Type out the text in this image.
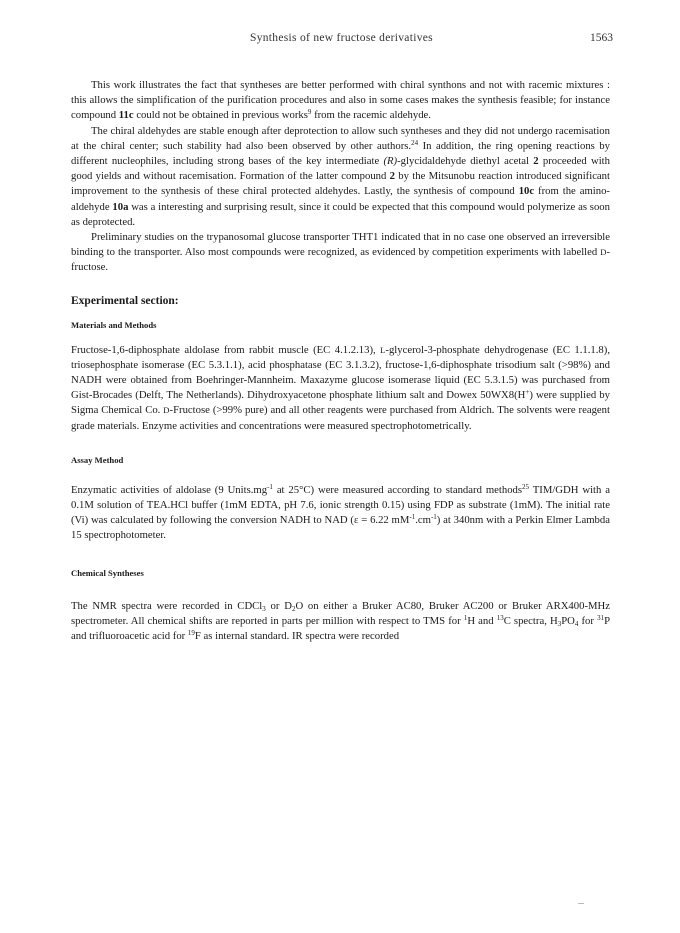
Synthesis of new fructose derivatives	1563

This work illustrates the fact that syntheses are better performed with chiral synthons and not with racemic mixtures : this allows the simplification of the purification procedures and also in some cases makes the synthesis feasible; for instance compound 11c could not be obtained in previous works$^9$ from the racemic aldehyde.

The chiral aldehydes are stable enough after deprotection to allow such syntheses and they did not undergo racemisation at the chiral center; such stability had also been observed by other authors.$^{24}$ In addition, the ring opening reactions by different nucleophiles, including strong bases of the key intermediate (R)-glycidaldehyde diethyl acetal 2 proceeded with good yields and without racemisation. Formation of the latter compound 2 by the Mitsunobu reaction introduced significant improvement to the synthesis of these chiral protected aldehydes. Lastly, the synthesis of compound 10c from the amino-aldehyde 10a was a interesting and surprising result, since it could be expected that this compound would polymerize as soon as deprotected.

Preliminary studies on the trypanosomal glucose transporter THT1 indicated that in no case one observed an irreversible binding to the transporter. Also most compounds were recognized, as evidenced by competition experiments with labelled D-fructose.

Experimental section:
Materials and Methods

Fructose-1,6-diphosphate aldolase from rabbit muscle (EC 4.1.2.13), L-glycerol-3-phosphate dehydrogenase (EC 1.1.1.8), triosephosphate isomerase (EC 5.3.1.1), acid phosphatase (EC 3.1.3.2), fructose-1,6-diphosphate trisodium salt (>98%) and NADH were obtained from Boehringer-Mannheim. Maxazyme glucose isomerase liquid (EC 5.3.1.5) was purchased from Gist-Brocades (Delft, The Netherlands). Dihydroxyacetone phosphate lithium salt and Dowex 50WX8(H+) were supplied by Sigma Chemical Co. D-Fructose (>99% pure) and all other reagents were purchased from Aldrich. The solvents were reagent grade materials. Enzyme activities and concentrations were measured spectrophotometrically.

Assay Method

Enzymatic activities of aldolase (9 $Units.mg^{-1}$ at 25°C) were measured according to standard methods$^{25}$ TIM/GDH with a 0.1M solution of TEA.HCl buffer (1mM EDTA, pH 7.6, ionic strength 0.15) using FDP as substrate (1mM). The initial rate (Vi) was calculated by following the conversion NADH to NAD (ε = 6.22 $mM^{-1}.cm^{-1}$) at 340nm with a Perkin Elmer Lambda 15 spectrophotometer.

Chemical Syntheses

The NMR spectra were recorded in CDCl$_3$ or $D_2O$ on either a Bruker AC80, Bruker AC200 or Bruker ARX400-MHz spectrometer. All chemical shifts are reported in parts per million with respect to TMS for $^1$H and $^{13}$C spectra, $H_3PO_4$ for $^{31}$P and trifluoroacetic acid for $^{19}$F as internal standard. IR spectra were recorded
